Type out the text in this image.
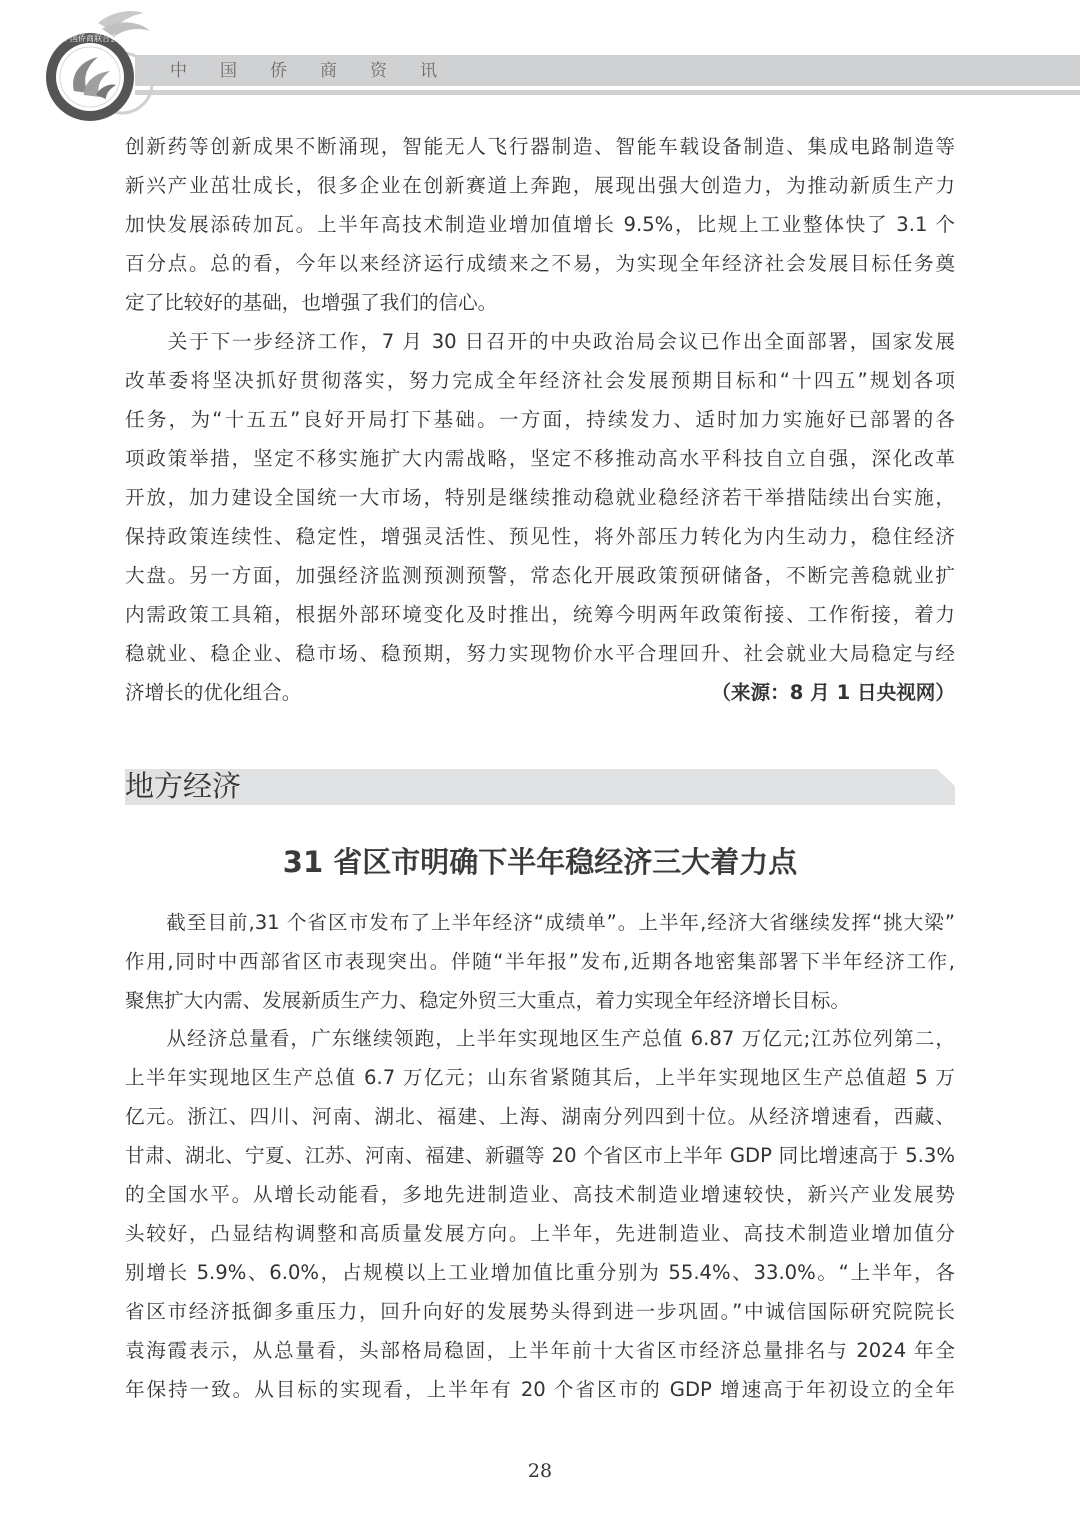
中国侨商联合会
中国侨商资讯
创新药等创新成果不断涌现，智能无人飞行器制造、智能车载设备制造、集成电路制造等
新兴产业茁壮成长，很多企业在创新赛道上奔跑，展现出强大创造力，为推动新质生产力
加快发展添砖加瓦。上半年高技术制造业增加值增长 9.5%，比规上工业整体快了 3.1 个
百分点。总的看，今年以来经济运行成绩来之不易，为实现全年经济社会发展目标任务奠
定了比较好的基础，也增强了我们的信心。
　　关于下一步经济工作，7 月 30 日召开的中央政治局会议已作出全面部署，国家发展
改革委将坚决抓好贯彻落实，努力完成全年经济社会发展预期目标和“十四五”规划各项
任务，为“十五五”良好开局打下基础。一方面，持续发力、适时加力实施好已部署的各
项政策举措，坚定不移实施扩大内需战略，坚定不移推动高水平科技自立自强，深化改革
开放，加力建设全国统一大市场，特别是继续推动稳就业稳经济若干举措陆续出台实施，
保持政策连续性、稳定性，增强灵活性、预见性，将外部压力转化为内生动力，稳住经济
大盘。另一方面，加强经济监测预测预警，常态化开展政策预研储备，不断完善稳就业扩
内需政策工具箱，根据外部环境变化及时推出，统筹今明两年政策衔接、工作衔接，着力
稳就业、稳企业、稳市场、稳预期，努力实现物价水平合理回升、社会就业大局稳定与经
济增长的优化组合。	（来源：8 月 1 日央视网）
地方经济
31 省区市明确下半年稳经济三大着力点
　　截至目前,31 个省区市发布了上半年经济“成绩单”。上半年,经济大省继续发挥“挑大梁”
作用,同时中西部省区市表现突出。伴随“半年报”发布,近期各地密集部署下半年经济工作,
聚焦扩大内需、发展新质生产力、稳定外贸三大重点，着力实现全年经济增长目标。
　　从经济总量看，广东继续领跑，上半年实现地区生产总值 6.87 万亿元;江苏位列第二，
上半年实现地区生产总值 6.7 万亿元；山东省紧随其后，上半年实现地区生产总值超 5 万
亿元。浙江、四川、河南、湖北、福建、上海、湖南分列四到十位。从经济增速看，西藏、
甘肃、湖北、宁夏、江苏、河南、福建、新疆等 20 个省区市上半年 GDP 同比增速高于 5.3%
的全国水平。从增长动能看，多地先进制造业、高技术制造业增速较快，新兴产业发展势
头较好，凸显结构调整和高质量发展方向。上半年，先进制造业、高技术制造业增加值分
别增长 5.9%、6.0%，占规模以上工业增加值比重分别为 55.4%、33.0%。“上半年，各
省区市经济抵御多重压力，回升向好的发展势头得到进一步巩固。”中诚信国际研究院院长
袁海霞表示，从总量看，头部格局稳固，上半年前十大省区市经济总量排名与 2024 年全
年保持一致。从目标的实现看，上半年有 20 个省区市的 GDP 增速高于年初设立的全年
28
